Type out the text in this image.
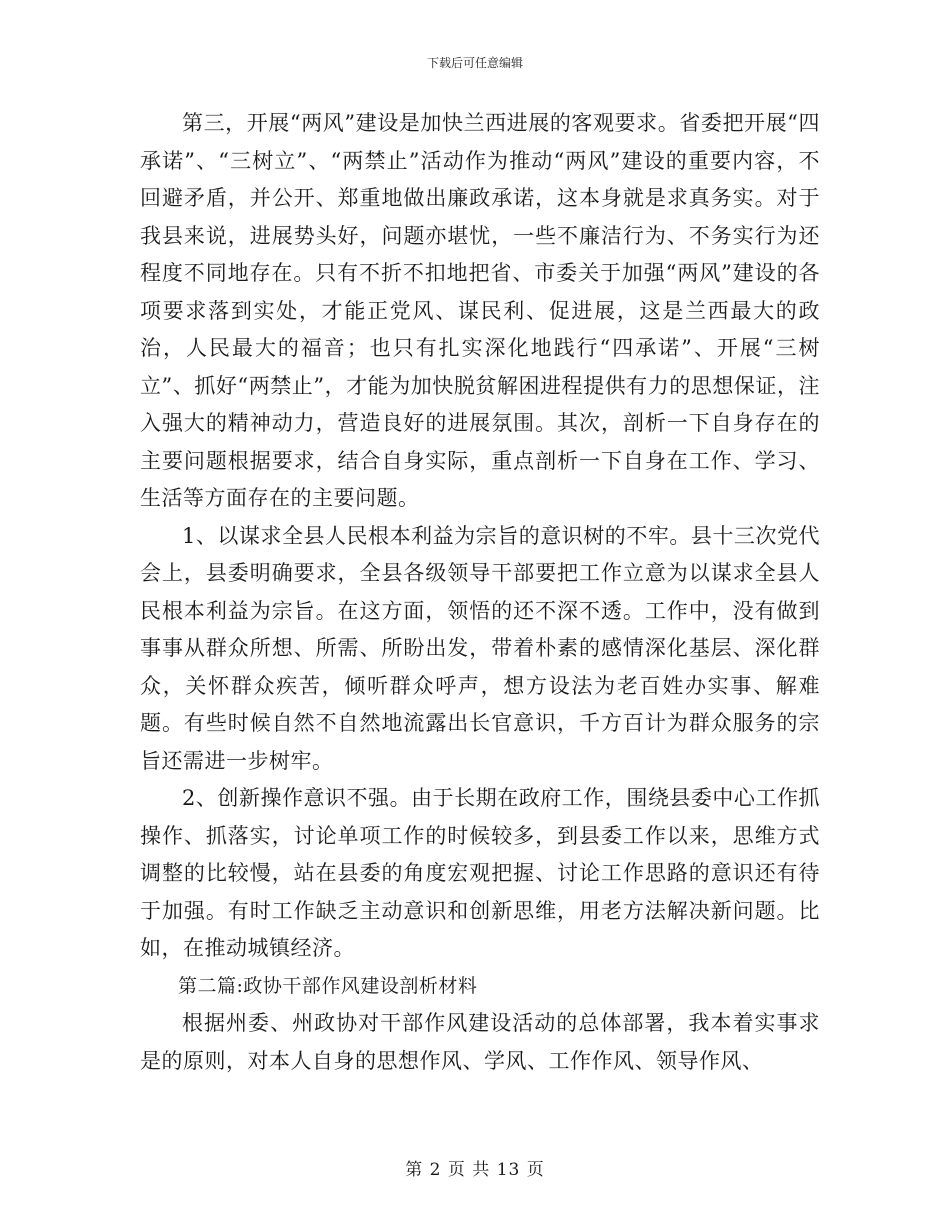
下载后可任意编辑

第三，开展“两风”建设是加快兰西进展的客观要求。省委把开展“四承诺”、“三树立”、“两禁止”活动作为推动“两风”建设的重要内容，不回避矛盾，并公开、郑重地做出廉政承诺，这本身就是求真务实。对于我县来说，进展势头好，问题亦堪忧，一些不廉洁行为、不务实行为还程度不同地存在。只有不折不扣地把省、市委关于加强“两风”建设的各项要求落到实处，才能正党风、谋民利、促进展，这是兰西最大的政治，人民最大的福音；也只有扎实深化地践行“四承诺”、开展“三树立”、抓好“两禁止”，才能为加快脱贫解困进程提供有力的思想保证，注入强大的精神动力，营造良好的进展氛围。其次，剖析一下自身存在的主要问题根据要求，结合自身实际，重点剖析一下自身在工作、学习、生活等方面存在的主要问题。

1、以谋求全县人民根本利益为宗旨的意识树的不牢。县十三次党代会上，县委明确要求，全县各级领导干部要把工作立意为以谋求全县人民根本利益为宗旨。在这方面，领悟的还不深不透。工作中，没有做到事事从群众所想、所需、所盼出发，带着朴素的感情深化基层、深化群众，关怀群众疾苦，倾听群众呼声，想方设法为老百姓办实事、解难题。有些时候自然不自然地流露出长官意识，千方百计为群众服务的宗旨还需进一步树牢。

2、创新操作意识不强。由于长期在政府工作，围绕县委中心工作抓操作、抓落实，讨论单项工作的时候较多，到县委工作以来，思维方式调整的比较慢，站在县委的角度宏观把握、讨论工作思路的意识还有待于加强。有时工作缺乏主动意识和创新思维，用老方法解决新问题。比如，在推动城镇经济。

第二篇:政协干部作风建设剖析材料

根据州委、州政协对干部作风建设活动的总体部署，我本着实事求是的原则，对本人自身的思想作风、学风、工作作风、领导作风、

第 2 页 共 13 页
